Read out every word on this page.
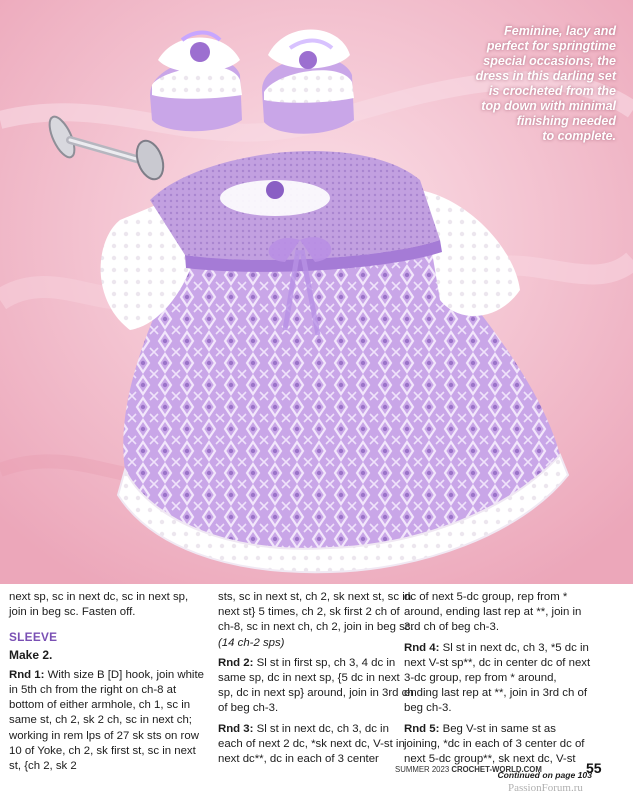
Feminine, lacy and
perfect for springtime
special occasions, the
dress in this darling set
is crocheted from the
top down with minimal
finishing needed
to complete.

next sp, sc in next dc, sc in next sp, join in beg sc. Fasten off.

SLEEVE

Make 2.

Rnd 1: With size B [D] hook, join white in 5th ch from the right on ch-8 at bottom of either armhole, ch 1, sc in same st, ch 2, sk 2 ch, sc in next ch; working in rem lps of 27 sk sts on row 10 of Yoke, ch 2, sk first st, sc in next st, {ch 2, sk 2

sts, sc in next st, ch 2, sk next st, sc in next st} 5 times, ch 2, sk first 2 ch of ch-8, sc in next ch, ch 2, join in beg sc. (14 ch-2 sps)

Rnd 2: Sl st in first sp, ch 3, 4 dc in same sp, dc in next sp, {5 dc in next sp, dc in next sp} around, join in 3rd ch of beg ch-3.

Rnd 3: Sl st in next dc, ch 3, dc in each of next 2 dc, *sk next dc, V-st in next dc**, dc in each of 3 center

dc of next 5-dc group, rep from * around, ending last rep at **, join in 3rd ch of beg ch-3.

Rnd 4: Sl st in next dc, ch 3, *5 dc in next V-st sp**, dc in center dc of next 3-dc group, rep from * around, ending last rep at **, join in 3rd ch of beg ch-3.

Rnd 5: Beg V-st in same st as joining, *dc in each of 3 center dc of next 5-dc group**, sk next dc, V-st

Continued on page 103

SUMMER 2023 CROCHET-WORLD.COM	55
PassionForum.ru
